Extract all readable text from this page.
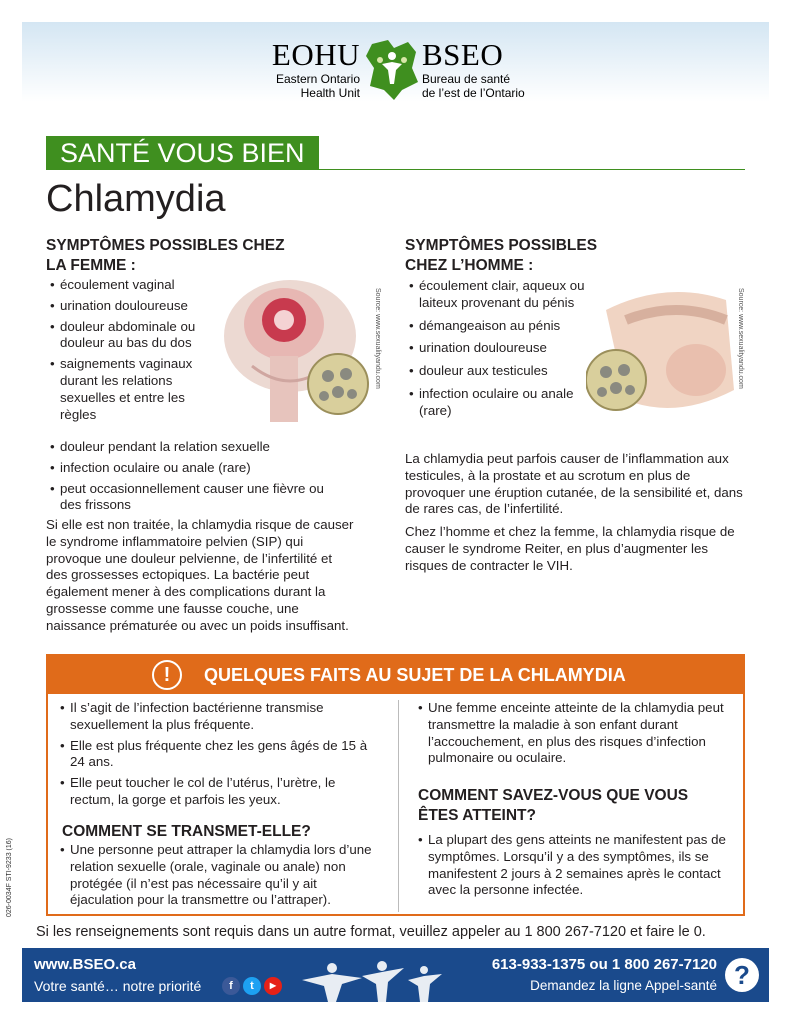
EOHU
Eastern Ontario
Health Unit
BSEO
Bureau de santé
de l’est de l’Ontario
SANTÉ VOUS BIEN
Chlamydia
SYMPTÔMES POSSIBLES CHEZ
LA FEMME :
• écoulement vaginal
• urination douloureuse
• douleur abdominale ou douleur au bas du dos
• saignements vaginaux durant les relations sexuelles et entre les règles
• douleur pendant la relation sexuelle
• infection oculaire ou anale (rare)
• peut occasionnellement causer une fièvre ou des frissons

Si elle est non traitée, la chlamydia risque de causer le syndrome inflammatoire pelvien (SIP) qui provoque une douleur pelvienne, de l’infertilité et des grossesses ectopiques. La bactérie peut également mener à des complications durant la grossesse comme une fausse couche, une naissance prématurée ou avec un poids insuffisant.

Source: www.sexualityandu.com
SYMPTÔMES POSSIBLES
CHEZ L’HOMME :
• écoulement clair, aqueux ou laiteux provenant du pénis
• démangeaison au pénis
• urination douloureuse
• douleur aux testicules
• infection oculaire ou anale (rare)
Source: www.sexualityandu.com

La chlamydia peut parfois causer de l’inflammation aux testicules, à la prostate et au scrotum en plus de provoquer une éruption cutanée, de la sensibilité et, dans de rares cas, de l’infertilité.

Chez l’homme et chez la femme, la chlamydia risque de causer le syndrome Reiter, en plus d’augmenter les risques de contracter le VIH.

!	QUELQUES FAITS AU SUJET DE LA CHLAMYDIA
• Il s’agit de l’infection bactérienne transmise sexuellement la plus fréquente.
• Elle est plus fréquente chez les gens âgés de 15 à 24 ans.
• Elle peut toucher le col de l’utérus, l’urètre, le rectum, la gorge et parfois les yeux.
COMMENT SE TRANSMET-ELLE?
• Une personne peut attraper la chlamydia lors d’une relation sexuelle (orale, vaginale ou anale) non protégée (il n’est pas nécessaire qu’il y ait éjaculation pour la transmettre ou l’attraper).
• Une femme enceinte atteinte de la chlamydia peut transmettre la maladie à son enfant durant l’accouchement, en plus des risques d’infection pulmonaire ou oculaire.
COMMENT SAVEZ-VOUS QUE VOUS
ÊTES ATTEINT?
• La plupart des gens atteints ne manifestent pas de symptômes. Lorsqu’il y a des symptômes, ils se manifestent 2 jours à 2 semaines après le contact avec la personne infectée.
026-0034F STI-9233 (16)
Si les renseignements sont requis dans un autre format, veuillez appeler au 1 800 267-7120 et faire le 0.
www.BSEO.ca
Votre santé… notre priorité	f	t	▶
613-933-1375 ou 1 800 267-7120
Demandez la ligne Appel-santé ?
